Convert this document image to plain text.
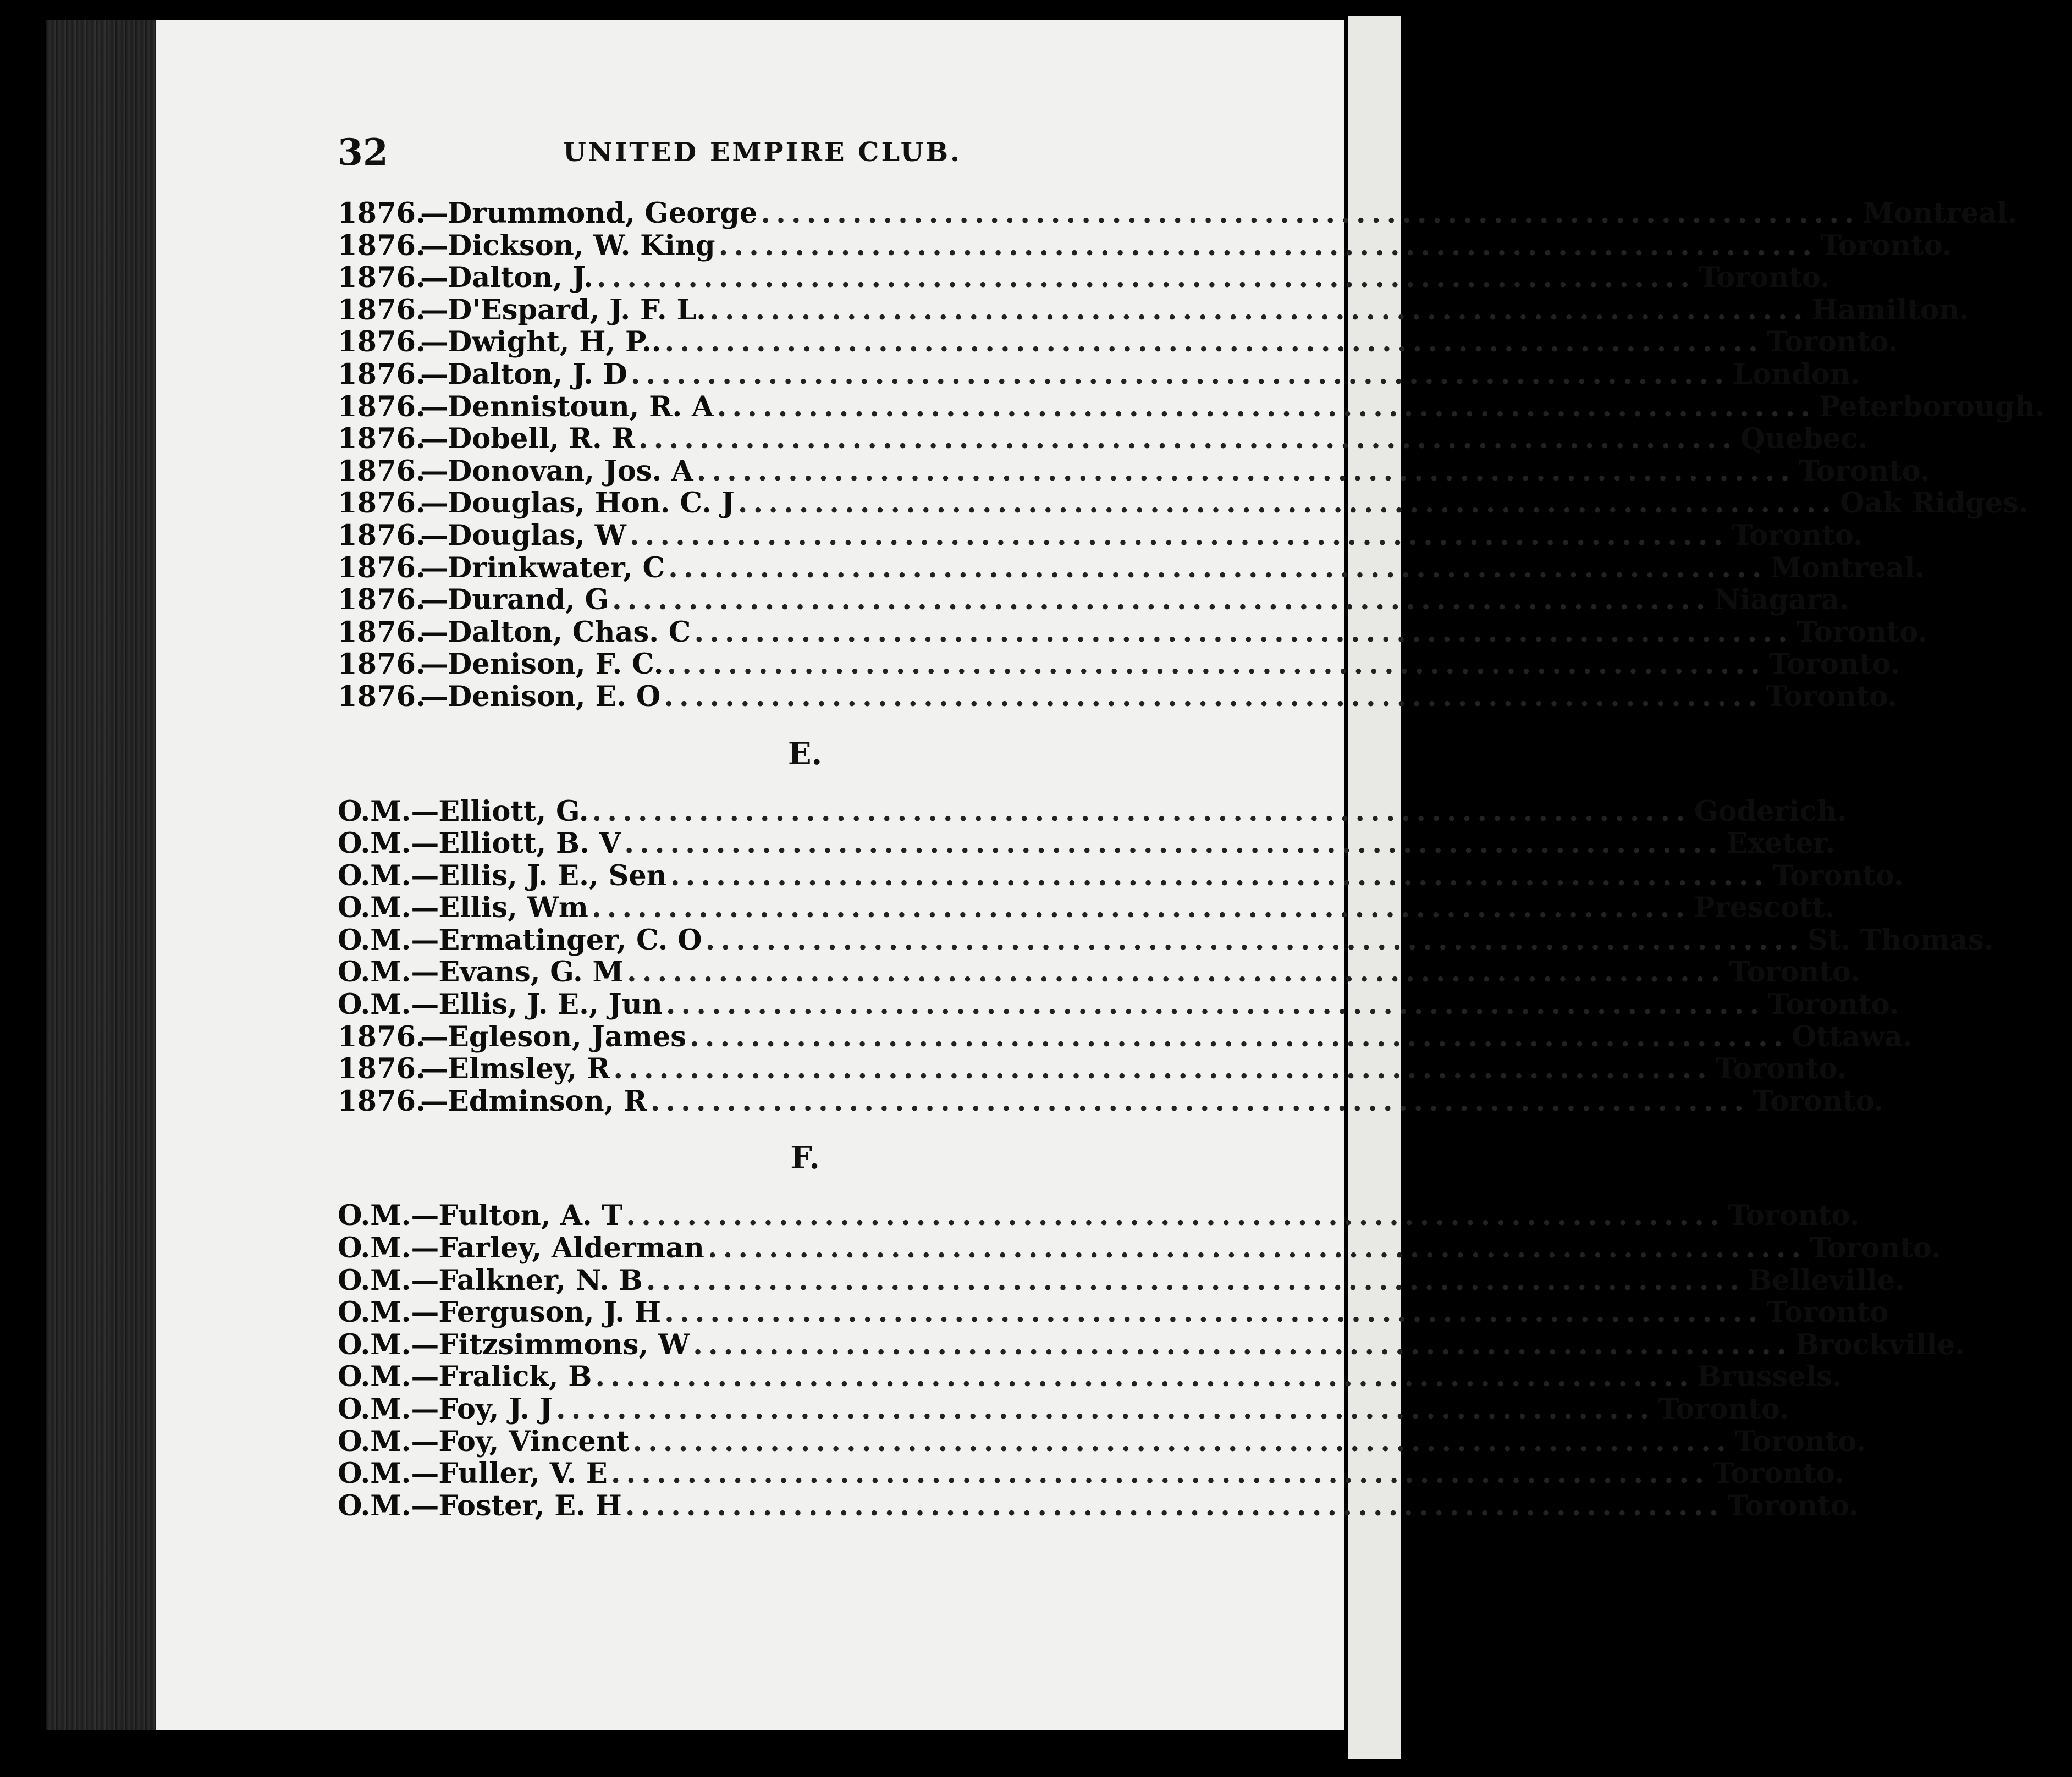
32	UNITED EMPIRE CLUB.
1876.
— Drummond, George ........................................................................ Montreal.
1876.
— Dickson, W. King ........................................................................ Toronto.
1876.
— Dalton, J. ........................................................................ Toronto.
1876.
— D'Espard, J. F. L. ........................................................................ Hamilton.
1876.
— Dwight, H, P.. ........................................................................ Toronto.
1876.
— Dalton, J. D ........................................................................ London.
1876.
— Dennistoun, R. A ........................................................................ Peterborough.
1876.
— Dobell, R. R ........................................................................ Quebec.
1876.
— Donovan, Jos. A ........................................................................ Toronto.
1876.
— Douglas, Hon. C. J ........................................................................ Oak Ridges.
1876.
— Douglas, W ........................................................................ Toronto.
1876.
— Drinkwater, C ........................................................................ Montreal.
1876.
— Durand, G ........................................................................ Niagara.
1876.
— Dalton, Chas. C ........................................................................ Toronto.
1876.
— Denison, F. C. ........................................................................ Toronto.
1876.
— Denison, E. O ........................................................................ Toronto.
E.
O.M. — Elliott, G. ........................................................................ Goderich.
O.M. — Elliott, B. V ........................................................................ Exeter.
O.M. — Ellis, J. E., Sen ........................................................................ Toronto.
O.M. — Ellis, Wm ........................................................................ Prescott.
O.M. — Ermatinger, C. O ........................................................................ St. Thomas.
O.M. — Evans, G. M ........................................................................ Toronto.
O.M. — Ellis, J. E., Jun ........................................................................ Toronto.
1876.
— Egleson, James ........................................................................ Ottawa.
1876.
— Elmsley, R ........................................................................ Toronto.
1876.
— Edminson, R ........................................................................ Toronto.
F.
O.M. — Fulton, A. T ........................................................................ Toronto.
O.M. — Farley, Alderman ........................................................................ Toronto.
O.M. — Falkner, N. B ........................................................................ Belleville.
O.M. — Ferguson, J. H ........................................................................ Toronto
O.M. — Fitzsimmons, W ........................................................................ Brockville.
O.M. — Fralick, B ........................................................................ Brussels.
O.M. — Foy, J. J ........................................................................ Toronto.
O.M. — Foy, Vincent ........................................................................ Toronto.
O.M. — Fuller, V. E ........................................................................ Toronto.
O.M. — Foster, E. H ........................................................................ Toronto.
